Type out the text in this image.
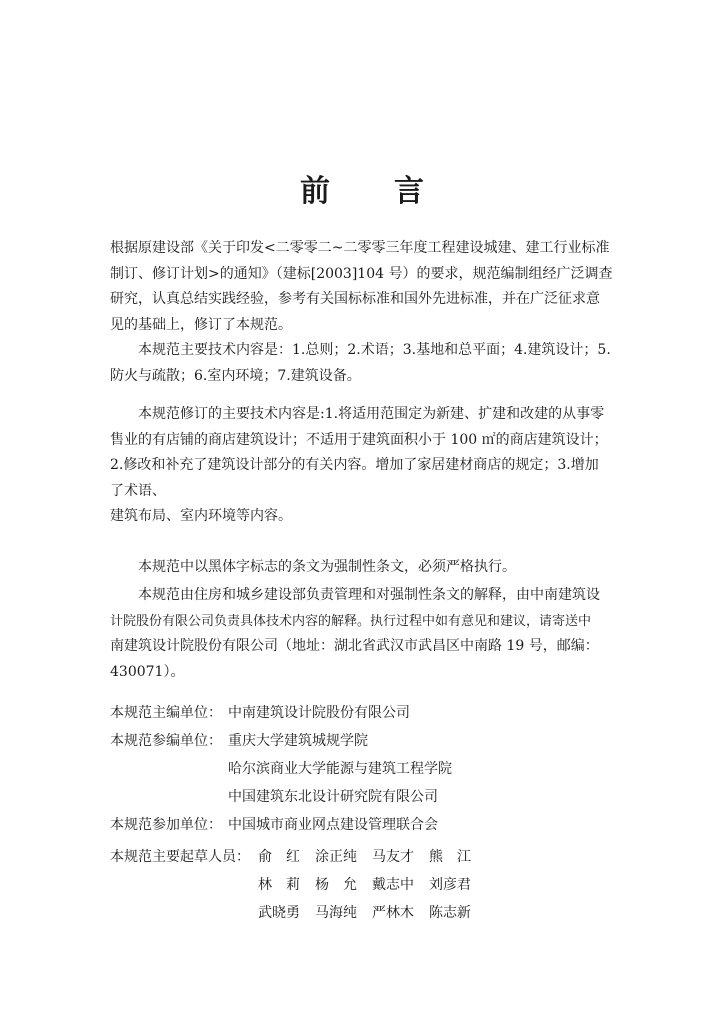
前 言
根据原建设部《关于印发<二零零二~二零零三年度工程建设城建、建工行业标准
制订、修订计划>的通知》（建标[2003]104 号）的要求，规范编制组经广泛调查
研究，认真总结实践经验，参考有关国标标准和国外先进标准，并在广泛征求意
见的基础上，修订了本规范。
本规范主要技术内容是：1.总则；2.术语；3.基地和总平面；4.建筑设计；5.
防火与疏散；6.室内环境；7.建筑设备。
本规范修订的主要技术内容是:1.将适用范围定为新建、扩建和改建的从事零
售业的有店铺的商店建筑设计；不适用于建筑面积小于 100 ㎡的商店建筑设计；
2.修改和补充了建筑设计部分的有关内容。增加了家居建材商店的规定；3.增加
了术语、
建筑布局、室内环境等内容。
本规范中以黑体字标志的条文为强制性条文，必须严格执行。
本规范由住房和城乡建设部负责管理和对强制性条文的解释，由中南建筑设
计院股份有限公司负责具体技术内容的解释。执行过程中如有意见和建议，请寄送中
南建筑设计院股份有限公司（地址：湖北省武汉市武昌区中南路 19 号，邮编：
430071）。
本规范主编单位： 中南建筑设计院股份有限公司
本规范参编单位： 重庆大学建筑城规学院
哈尔滨商业大学能源与建筑工程学院
中国建筑东北设计研究院有限公司
本规范参加单位： 中国城市商业网点建设管理联合会
本规范主要起草人员： 俞　红	涂正纯	马友才	熊　江
林　莉	杨　允	戴志中	刘彦君
武晓勇	马海纯	严林木	陈志新
